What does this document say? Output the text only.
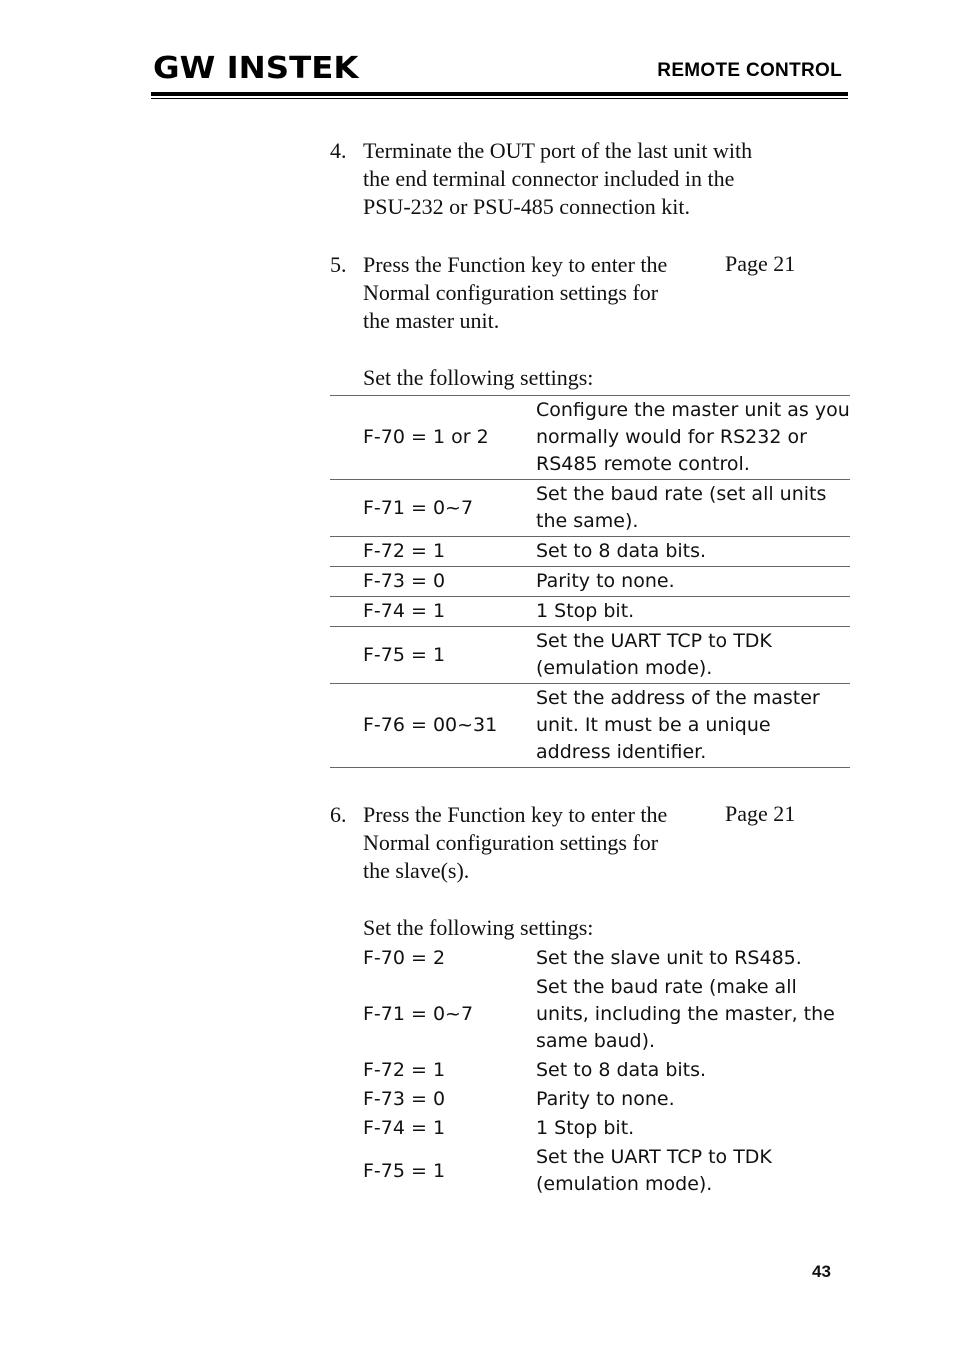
GW INSTEK	REMOTE CONTROL
4. Terminate the OUT port of the last unit with
the end terminal connector included in the
PSU-232 or PSU-485 connection kit.
5. Press the Function key to enter the
Normal configuration settings for
the master unit.
Page 21
Set the following settings:
F-70 = 1 or 2	Configure the master unit as you
normally would for RS232 or
RS485 remote control.

F-71 = 0~7	Set the baud rate (set all units
the same).

F-72 = 1	Set to 8 data bits.

F-73 = 0	Parity to none.

F-74 = 1	1 Stop bit.

F-75 = 1	Set the UART TCP to TDK
(emulation mode).

F-76 = 00~31	Set the address of the master
unit. It must be a unique
address identifier.
6. Press the Function key to enter the
Normal configuration settings for
the slave(s).
Page 21
Set the following settings:
F-70 = 2	Set the slave unit to RS485.

F-71 = 0~7	Set the baud rate (make all
units, including the master, the
same baud).

F-72 = 1	Set to 8 data bits.

F-73 = 0	Parity to none.

F-74 = 1	1 Stop bit.

F-75 = 1	Set the UART TCP to TDK
(emulation mode).
43
